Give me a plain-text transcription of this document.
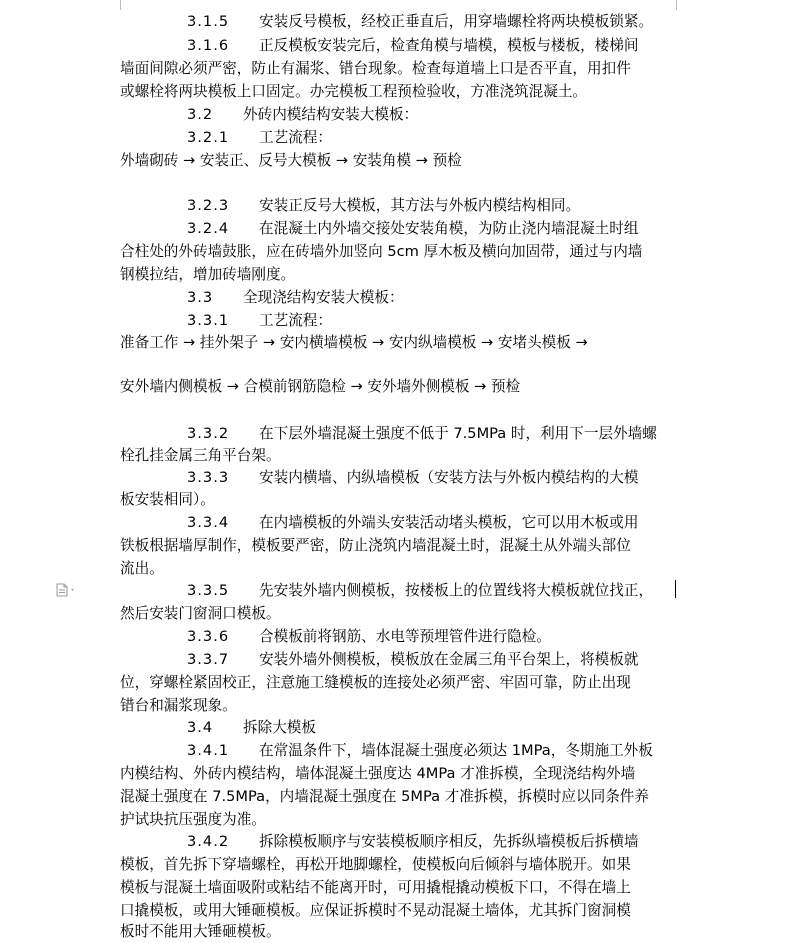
3.1.5 安装反号模板，经校正垂直后，用穿墙螺栓将两块模板锁紧。
3.1.6 正反模板安装完后，检查角模与墙模，模板与楼板，楼梯间
墙面间隙必须严密，防止有漏浆、错台现象。检查每道墙上口是否平直，用扣件
或螺栓将两块模板上口固定。办完模板工程预检验收，方准浇筑混凝土。
3.2 外砖内模结构安装大模板：
3.2.1 工艺流程：
外墙砌砖 → 安装正、反号大模板 → 安装角模 → 预检
3.2.3 安装正反号大模板，其方法与外板内模结构相同。
3.2.4 在混凝土内外墙交接处安装角模，为防止浇内墙混凝土时组
合柱处的外砖墙鼓胀，应在砖墙外加竖向 5cm 厚木板及横向加固带，通过与内墙
钢模拉结，增加砖墙刚度。
3.3 全现浇结构安装大模板：
3.3.1 工艺流程：
准备工作 → 挂外架子 → 安内横墙模板 → 安内纵墙模板 → 安堵头模板 →
安外墙内侧模板 → 合模前钢筋隐检 → 安外墙外侧模板 → 预检
3.3.2 在下层外墙混凝土强度不低于 7.5MPa 时，利用下一层外墙螺
栓孔挂金属三角平台架。
3.3.3 安装内横墙、内纵墙模板（安装方法与外板内模结构的大模
板安装相同）。
3.3.4 在内墙模板的外端头安装活动堵头模板，它可以用木板或用
铁板根据墙厚制作，模板要严密，防止浇筑内墙混凝土时，混凝土从外端头部位
流出。
3.3.5 先安装外墙内侧模板，按楼板上的位置线将大模板就位找正，
然后安装门窗洞口模板。
3.3.6 合模板前将钢筋、水电等预埋管件进行隐检。
3.3.7 安装外墙外侧模板，模板放在金属三角平台架上，将模板就
位，穿螺栓紧固校正，注意施工缝模板的连接处必须严密、牢固可靠，防止出现
错台和漏浆现象。
3.4 拆除大模板
3.4.1 在常温条件下，墙体混凝土强度必须达 1MPa，冬期施工外板
内模结构、外砖内模结构，墙体混凝土强度达 4MPa 才准拆模，全现浇结构外墙
混凝土强度在 7.5MPa，内墙混凝土强度在 5MPa 才准拆模，拆模时应以同条件养
护试块抗压强度为准。
3.4.2 拆除模板顺序与安装模板顺序相反，先拆纵墙模板后拆横墙
模板，首先拆下穿墙螺栓，再松开地脚螺栓，使模板向后倾斜与墙体脱开。如果
模板与混凝土墙面吸附或粘结不能离开时，可用撬棍撬动模板下口，不得在墙上
口撬模板，或用大锤砸模板。应保证拆模时不晃动混凝土墙体，尤其拆门窗洞模
板时不能用大锤砸模板。
